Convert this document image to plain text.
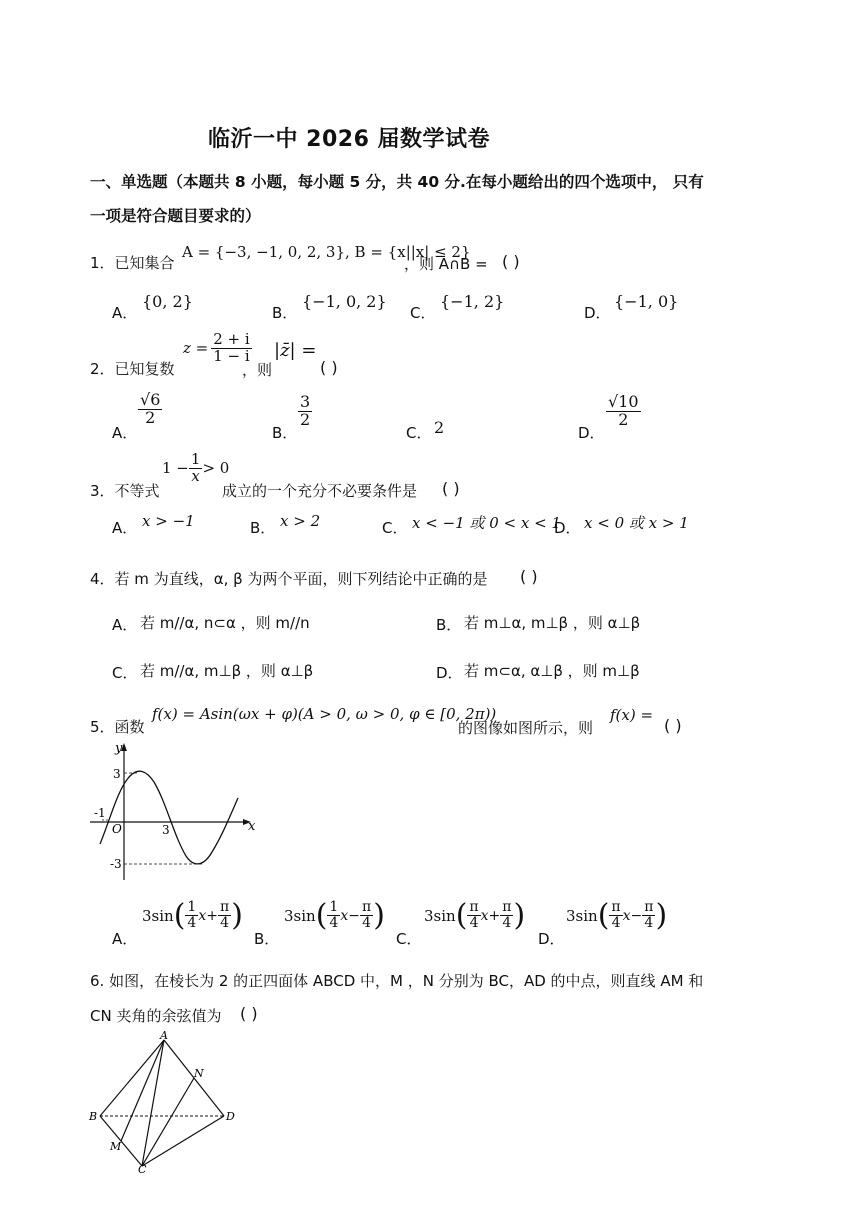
临沂一中 2026 届数学试卷
一、单选题（本题共 8 小题，每小题 5 分，共 40 分.在每小题给出的四个选项中， 只有
一项是符合题目要求的）
1．已知集合
A = {−3, −1, 0, 2, 3}, B = {x||x| ≤ 2}
，则 A∩B = ( )
A．
{0, 2}
B．
{−1, 0, 2}
C．
{−1, 2}
D．
{−1, 0}
2．已知复数
$z = \frac{2 + i}{1 - i}$
，则
|z̄| =
( )
A．
$\frac{√6}{2}$
B．
$\frac{3}{2}$
C． 2	D．
$\frac{√10}{2}$
3．不等式
$1 - \frac{1}{x} > 0$
成立的一个充分不必要条件是 ( )
A． x > −1	B． x > 2	C． x < −1 或 0 < x < 1
D． x < 0 或 x > 1
4．若 m 为直线，α, β 为两个平面，则下列结论中正确的是 ( )
A． 若 m//α, n⊂α ，则 m//n	B． 若 m⊥α, m⊥β ，则 α⊥β
C． 若 m//α, m⊥β ，则 α⊥β	D． 若 m⊂α, α⊥β ，则 m⊥β
5．函数
f(x) = Asin(ωx + φ)(A > 0, ω > 0, φ ∈ [0, 2π))
的图像如图所示，则
f(x) =
( )
y
x
O
3
-3
-1
3
A．
3sin ( $\frac{1}{4}$ $x + \frac{\pi}{4}$ )
B．
3sin ( $\frac{1}{4}$ $x - \frac{\pi}{4}$ )
C．
3sin ( $\frac{\pi}{4}$ $x + \frac{\pi}{4}$ )
D．
3sin ( $\frac{\pi}{4}$ $x - \frac{\pi}{4}$ )
6. 如图，在棱长为 2 的正四面体 ABCD 中，M ，N 分别为 BC，AD 的中点，则直线 AM 和
CN 夹角的余弦值为 ( )
A
B
C
D
M
N
